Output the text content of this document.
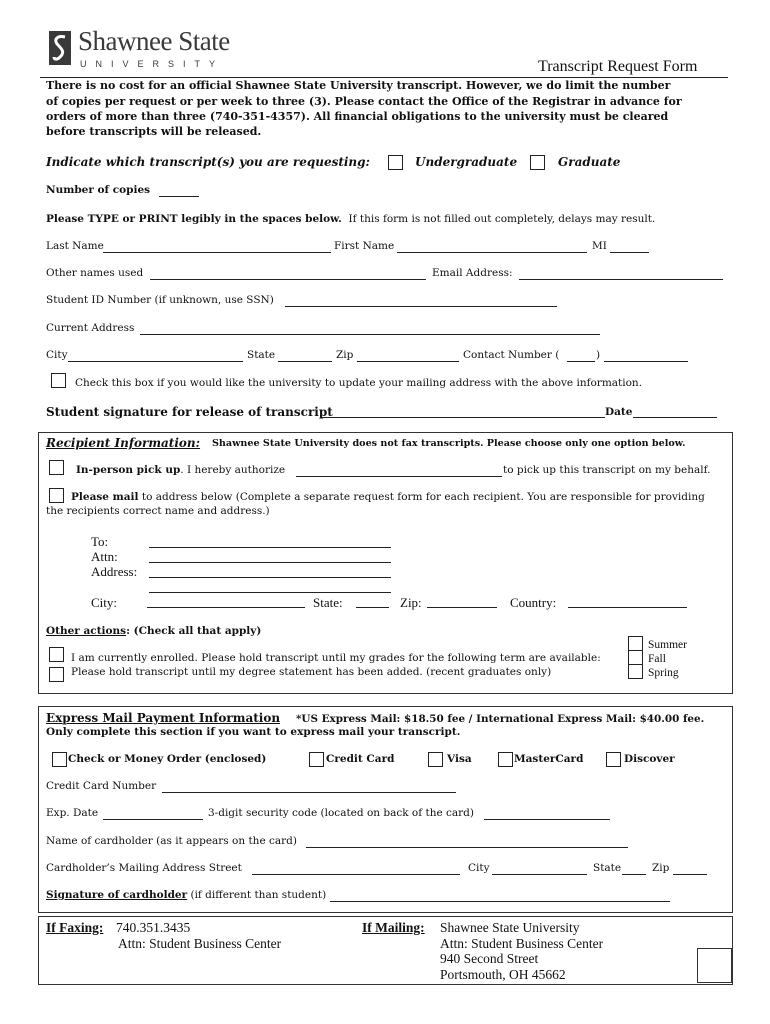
Shawnee State
UNIVERSITY	Transcript Request Form
There is no cost for an official Shawnee State University transcript. However, we do limit the number
of copies per request or per week to three (3). Please contact the Office of the Registrar in advance for
orders of more than three (740-351-4357). All financial obligations to the university must be cleared
before transcripts will be released.
Indicate which transcript(s) you are requesting:	Undergraduate	Graduate
Number of copies
Please TYPE or PRINT legibly in the spaces below. If this form is not filled out completely, delays may result.
Last Name	First Name	MI
Other names used	Email Address:
Student ID Number (if unknown, use SSN)
Current Address
City	State	Zip	Contact Number (	)
Check this box if you would like the university to update your mailing address with the above information.
Student signature for release of transcript	Date
Recipient Information: Shawnee State University does not fax transcripts. Please choose only one option below.
In-person pick up. I hereby authorize	to pick up this transcript on my behalf.
Please mail to address below (Complete a separate request form for each recipient. You are responsible for providing
the recipients correct name and address.)
To:
Attn:
Address:
City:	State:	Zip:	Country:
Other actions: (Check all that apply)
I am currently enrolled. Please hold transcript until my grades for the following term are available:
Please hold transcript until my degree statement has been added. (recent graduates only)
Summer
Fall
Spring
Express Mail Payment Information *US Express Mail: $18.50 fee / International Express Mail: $40.00 fee.
Only complete this section if you want to express mail your transcript.
Check or Money Order (enclosed)	Credit Card	Visa	MasterCard	Discover
Credit Card Number
Exp. Date	3-digit security code (located on back of the card)
Name of cardholder (as it appears on the card)
Cardholder’s Mailing Address Street	City	State	Zip
Signature of cardholder (if different than student)
If Faxing: 740.351.3435
Attn: Student Business Center
If Mailing: Shawnee State University
Attn: Student Business Center
940 Second Street
Portsmouth, OH 45662
